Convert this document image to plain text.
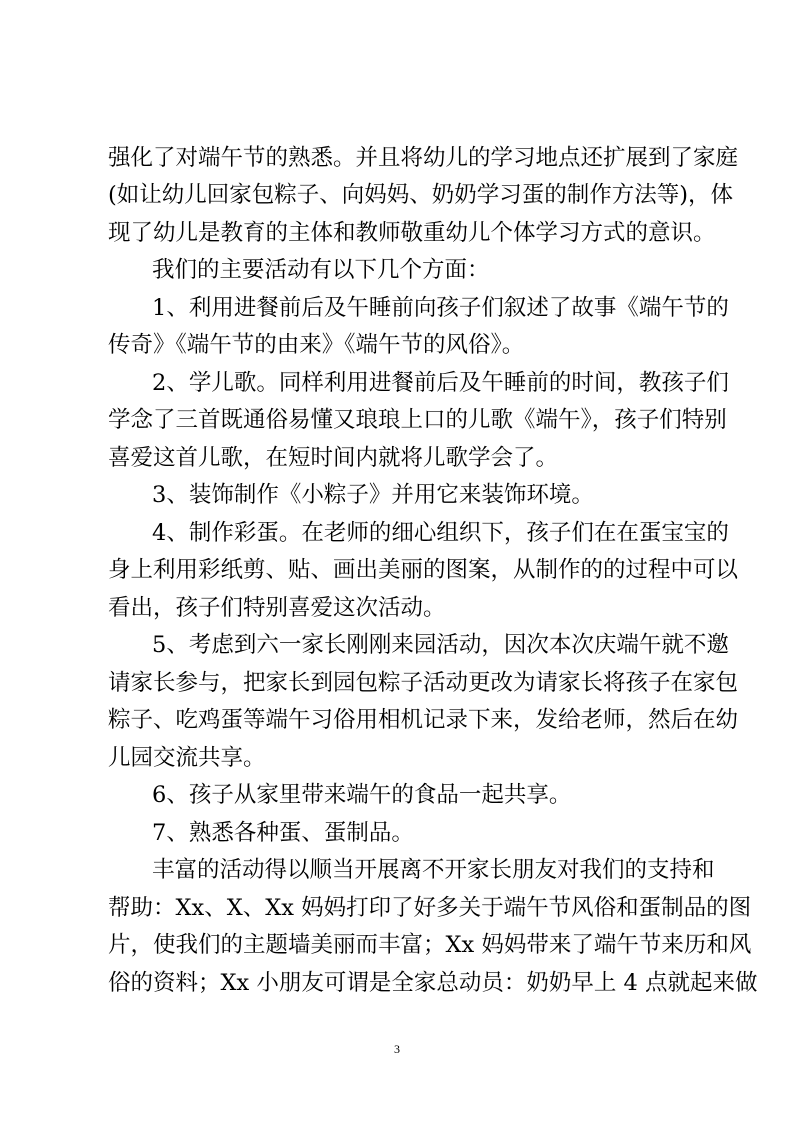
强化了对端午节的熟悉。并且将幼儿的学习地点还扩展到了家庭
(如让幼儿回家包粽子、向妈妈、奶奶学习蛋的制作方法等)，体
现了幼儿是教育的主体和教师敬重幼儿个体学习方式的意识。
我们的主要活动有以下几个方面：
1、利用进餐前后及午睡前向孩子们叙述了故事《端午节的
传奇》《端午节的由来》《端午节的风俗》。
2、学儿歌。同样利用进餐前后及午睡前的时间，教孩子们
学念了三首既通俗易懂又琅琅上口的儿歌《端午》，孩子们特别
喜爱这首儿歌，在短时间内就将儿歌学会了。
3、装饰制作《小粽子》并用它来装饰环境。
4、制作彩蛋。在老师的细心组织下，孩子们在在蛋宝宝的
身上利用彩纸剪、贴、画出美丽的图案，从制作的的过程中可以
看出，孩子们特别喜爱这次活动。
5、考虑到六一家长刚刚来园活动，因次本次庆端午就不邀
请家长参与，把家长到园包粽子活动更改为请家长将孩子在家包
粽子、吃鸡蛋等端午习俗用相机记录下来，发给老师，然后在幼
儿园交流共享。
6、孩子从家里带来端午的食品一起共享。
7、熟悉各种蛋、蛋制品。
丰富的活动得以顺当开展离不开家长朋友对我们的支持和
帮助：Xx、X、Xx 妈妈打印了好多关于端午节风俗和蛋制品的图
片，使我们的主题墙美丽而丰富；Xx 妈妈带来了端午节来历和风
俗的资料；Xx 小朋友可谓是全家总动员：奶奶早上 4 点就起来做
3
